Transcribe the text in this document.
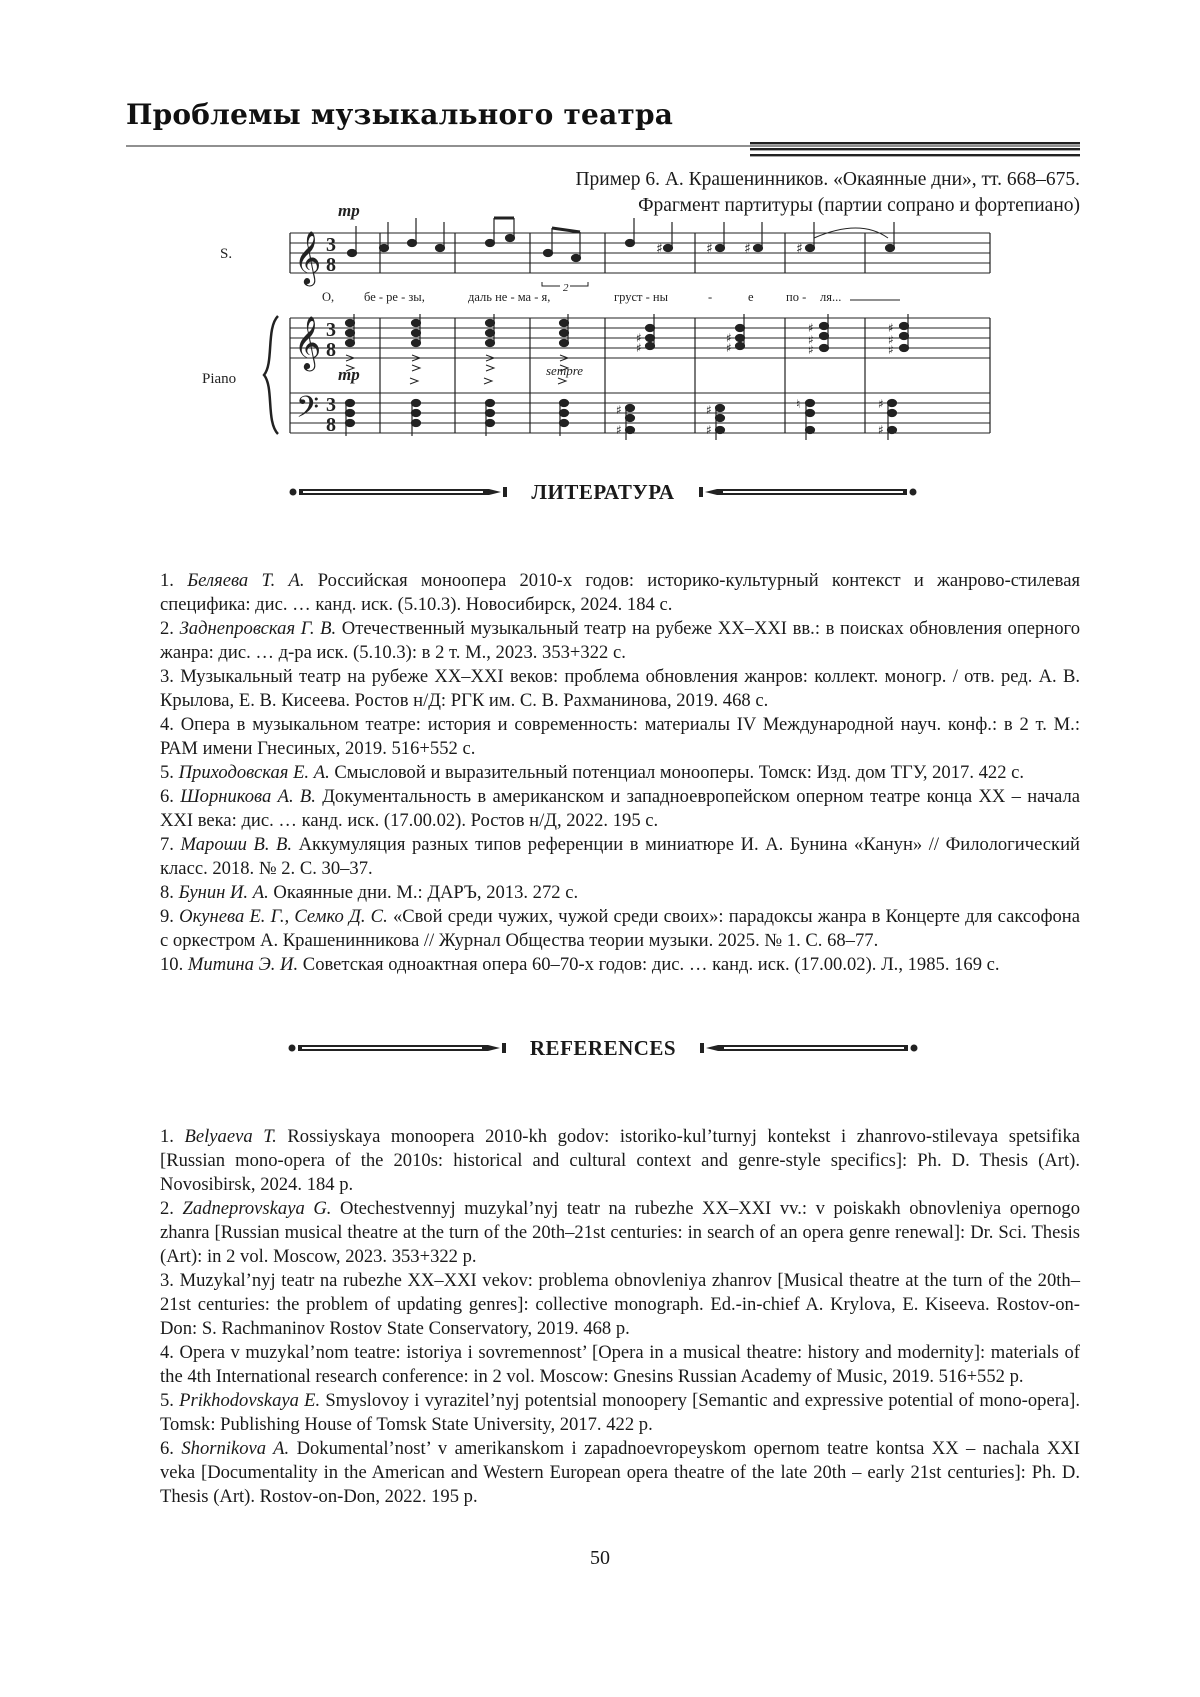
Проблемы музыкального театра
Пример 6. А. Крашенинников. «Окаянные дни», тт. 668–675.
Фрагмент партитуры (партии сопрано и фортепиано)
S.
Piano
𝄞
𝄞
𝄢
3
8
3
8
3
8
mp
mp	sempre
2
♯	♯ ♯	♯
О, бе - ре - зы,	даль не - ма - я,	груст - ны	-	е	по - ля...
♯
♯
♯
♯
♯
♯
♯
♯
♯
♯
♯
♯
♯
♯
♮	♯
♯
ЛИТЕРАТУРА

1. Беляева Т. А. Российская монoопера 2010-х годов: историко-культурный контекст и жанрово-стилевая специфика: дис. … канд. иск. (5.10.3). Новосибирск, 2024. 184 с.

2. Заднепровская Г. В. Отечественный музыкальный театр на рубеже XX–XXI вв.: в поисках обновления оперного жанра: дис. … д-ра иск. (5.10.3): в 2 т. М., 2023. 353+322 с.

3. Музыкальный театр на рубеже XX–XXI веков: проблема обновления жанров: коллект. моногр. / отв. ред. А. В. Крылова, Е. В. Кисеева. Ростов н/Д: РГК им. С. В. Рахманинова, 2019. 468 с.

4. Опера в музыкальном театре: история и современность: материалы IV Международной науч. конф.: в 2 т. М.: РАМ имени Гнесиных, 2019. 516+552 с.

5. Приходовская Е. А. Смысловой и выразительный потенциал монооперы. Томск: Изд. дом ТГУ, 2017. 422 с.

6. Шорникова А. В. Документальность в американском и западноевропейском оперном театре конца XX – начала XXI века: дис. … канд. иск. (17.00.02). Ростов н/Д, 2022. 195 с.

7. Мароши В. В. Аккумуляция разных типов референции в миниатюре И. А. Бунина «Канун» // Филологический класс. 2018. № 2. С. 30–37.

8. Бунин И. А. Окаянные дни. М.: ДАРЪ, 2013. 272 с.

9. Окунева Е. Г., Семко Д. С. «Свой среди чужих, чужой среди своих»: парадоксы жанра в Концерте для саксофона с оркестром А. Крашенинникова // Журнал Общества теории музыки. 2025. № 1. С. 68–77.

10. Митина Э. И. Советская одноактная опера 60–70-х годов: дис. … канд. иск. (17.00.02). Л., 1985. 169 с.

REFERENCES

1. Belyaeva T. Rossiyskaya monoopera 2010-kh godov: istoriko-kul’turnyj kontekst i zhanrovo-stilevaya spetsifika [Russian mono-opera of the 2010s: historical and cultural context and genre-style specifics]: Ph. D. Thesis (Art). Novosibirsk, 2024. 184 p.

2. Zadneprovskaya G. Otechestvennyj muzykal’nyj teatr na rubezhe XX–XXI vv.: v poiskakh obnovleniya opernogo zhanra [Russian musical theatre at the turn of the 20th–21st centuries: in search of an opera genre renewal]: Dr. Sci. Thesis (Art): in 2 vol. Moscow, 2023. 353+322 p.

3. Muzykal’nyj teatr na rubezhe XX–XXI vekov: problema obnovleniya zhanrov [Musical theatre at the turn of the 20th–21st centuries: the problem of updating genres]: collective monograph. Ed.-in-chief A. Krylova, E. Kiseeva. Rostov-on-Don: S. Rachmaninov Rostov State Conservatory, 2019. 468 p.

4. Opera v muzykal’nom teatre: istoriya i sovremennost’ [Opera in a musical theatre: history and modernity]: materials of the 4th International research conference: in 2 vol. Moscow: Gnesins Russian Academy of Music, 2019. 516+552 p.

5. Prikhodovskaya E. Smyslovoy i vyrazitel’nyj potentsial monoopery [Semantic and expressive potential of mono-opera]. Tomsk: Publishing House of Tomsk State University, 2017. 422 p.

6. Shornikova A. Dokumental’nost’ v amerikanskom i zapadnoevropeyskom opernom teatre kontsa XX – nachala XXI veka [Documentality in the American and Western European opera theatre of the late 20th – early 21st centuries]: Ph. D. Thesis (Art). Rostov-on-Don, 2022. 195 p.

50
